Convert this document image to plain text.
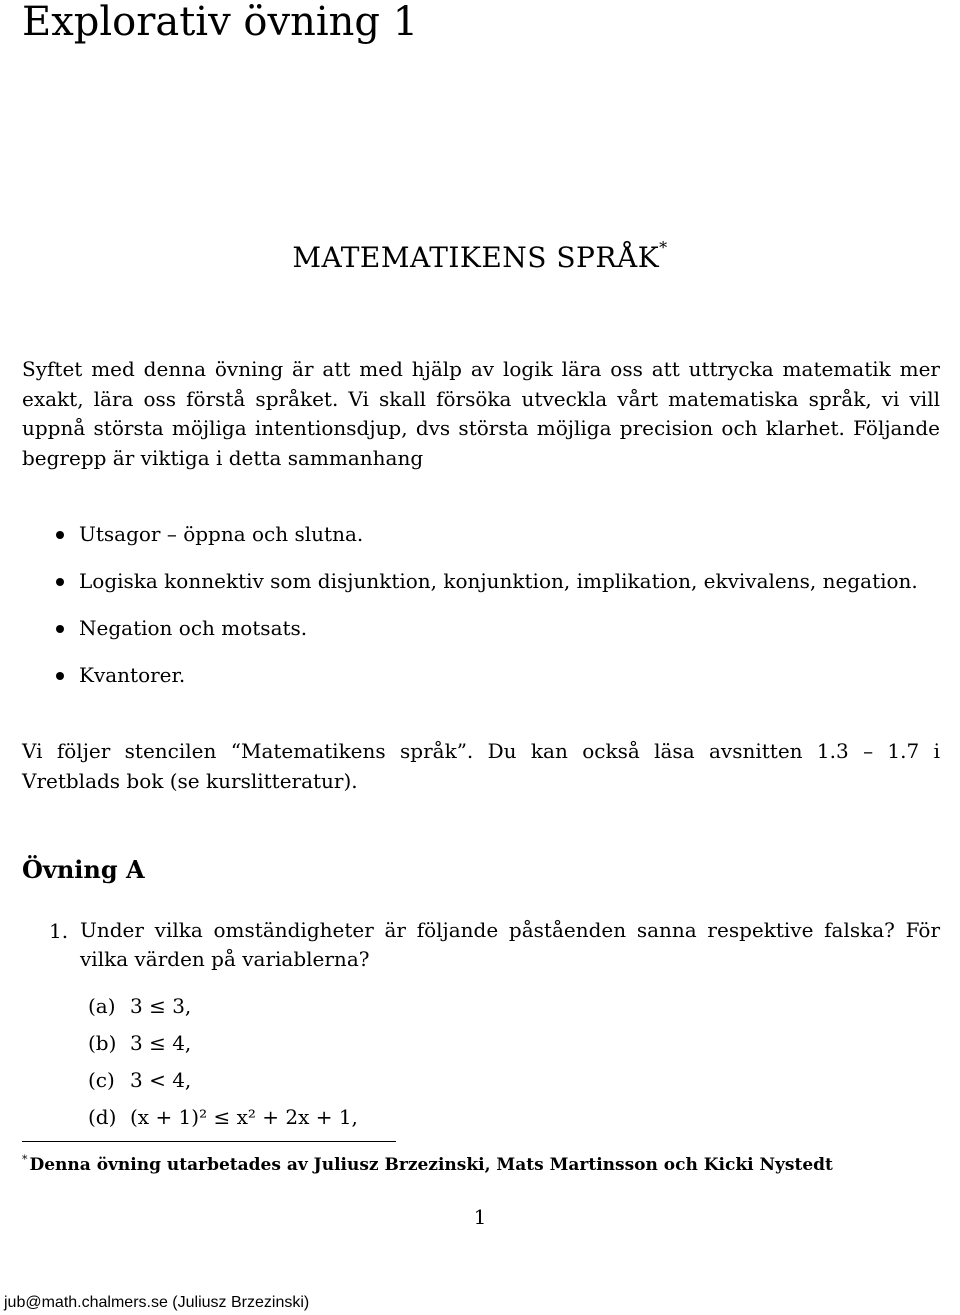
Explorativ övning 1
MATEMATIKENS SPRÅK*

Syftet med denna övning är att med hjälp av logik lära oss att uttrycka matematik mer exakt, lära oss förstå språket. Vi skall försöka utveckla vårt matematiska språk, vi vill uppnå största möjliga intentionsdjup, dvs största möjliga precision och klarhet. Följande begrepp är viktiga i detta sammanhang

Utsagor – öppna och slutna.
Logiska konnektiv som disjunktion, konjunktion, implikation, ekvivalens, negation.
Negation och motsats.
Kvantorer.

Vi följer stencilen “Matematikens språk”. Du kan också läsa avsnitten 1.3 – 1.7 i Vretblads bok (se kurslitteratur).

Övning A
1. Under vilka omständigheter är följande påståenden sanna respektive falska? För vilka värden på variablerna?

(a) 3 ≤ 3,
(b) 3 ≤ 4,
(c) 3 < 4,
(d) (x + 1)² ≤ x² + 2x + 1,
* Denna övning utarbetades av Juliusz Brzezinski, Mats Martinsson och Kicki Nystedt
1
jub@math.chalmers.se (Juliusz Brzezinski)
